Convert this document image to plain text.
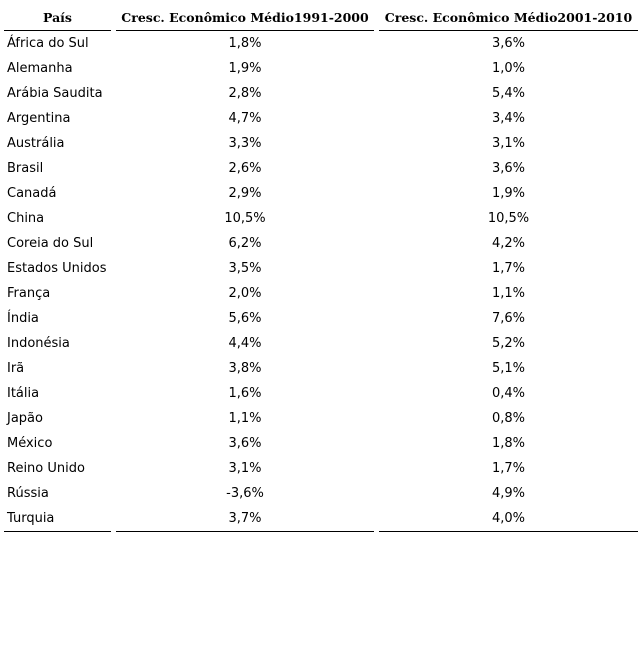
País	Cresc. Econômico Médio1991-2000	Cresc. Econômico Médio2001-2010
África do Sul	1,8%	3,6%
Alemanha	1,9%	1,0%
Arábia Saudita	2,8%	5,4%
Argentina	4,7%	3,4%
Austrália	3,3%	3,1%
Brasil	2,6%	3,6%
Canadá	2,9%	1,9%
China	10,5%	10,5%
Coreia do Sul	6,2%	4,2%
Estados Unidos	3,5%	1,7%
França	2,0%	1,1%
Índia	5,6%	7,6%
Indonésia	4,4%	5,2%
Irã	3,8%	5,1%
Itália	1,6%	0,4%
Japão	1,1%	0,8%
México	3,6%	1,8%
Reino Unido	3,1%	1,7%
Rússia	-3,6%	4,9%
Turquia	3,7%	4,0%
